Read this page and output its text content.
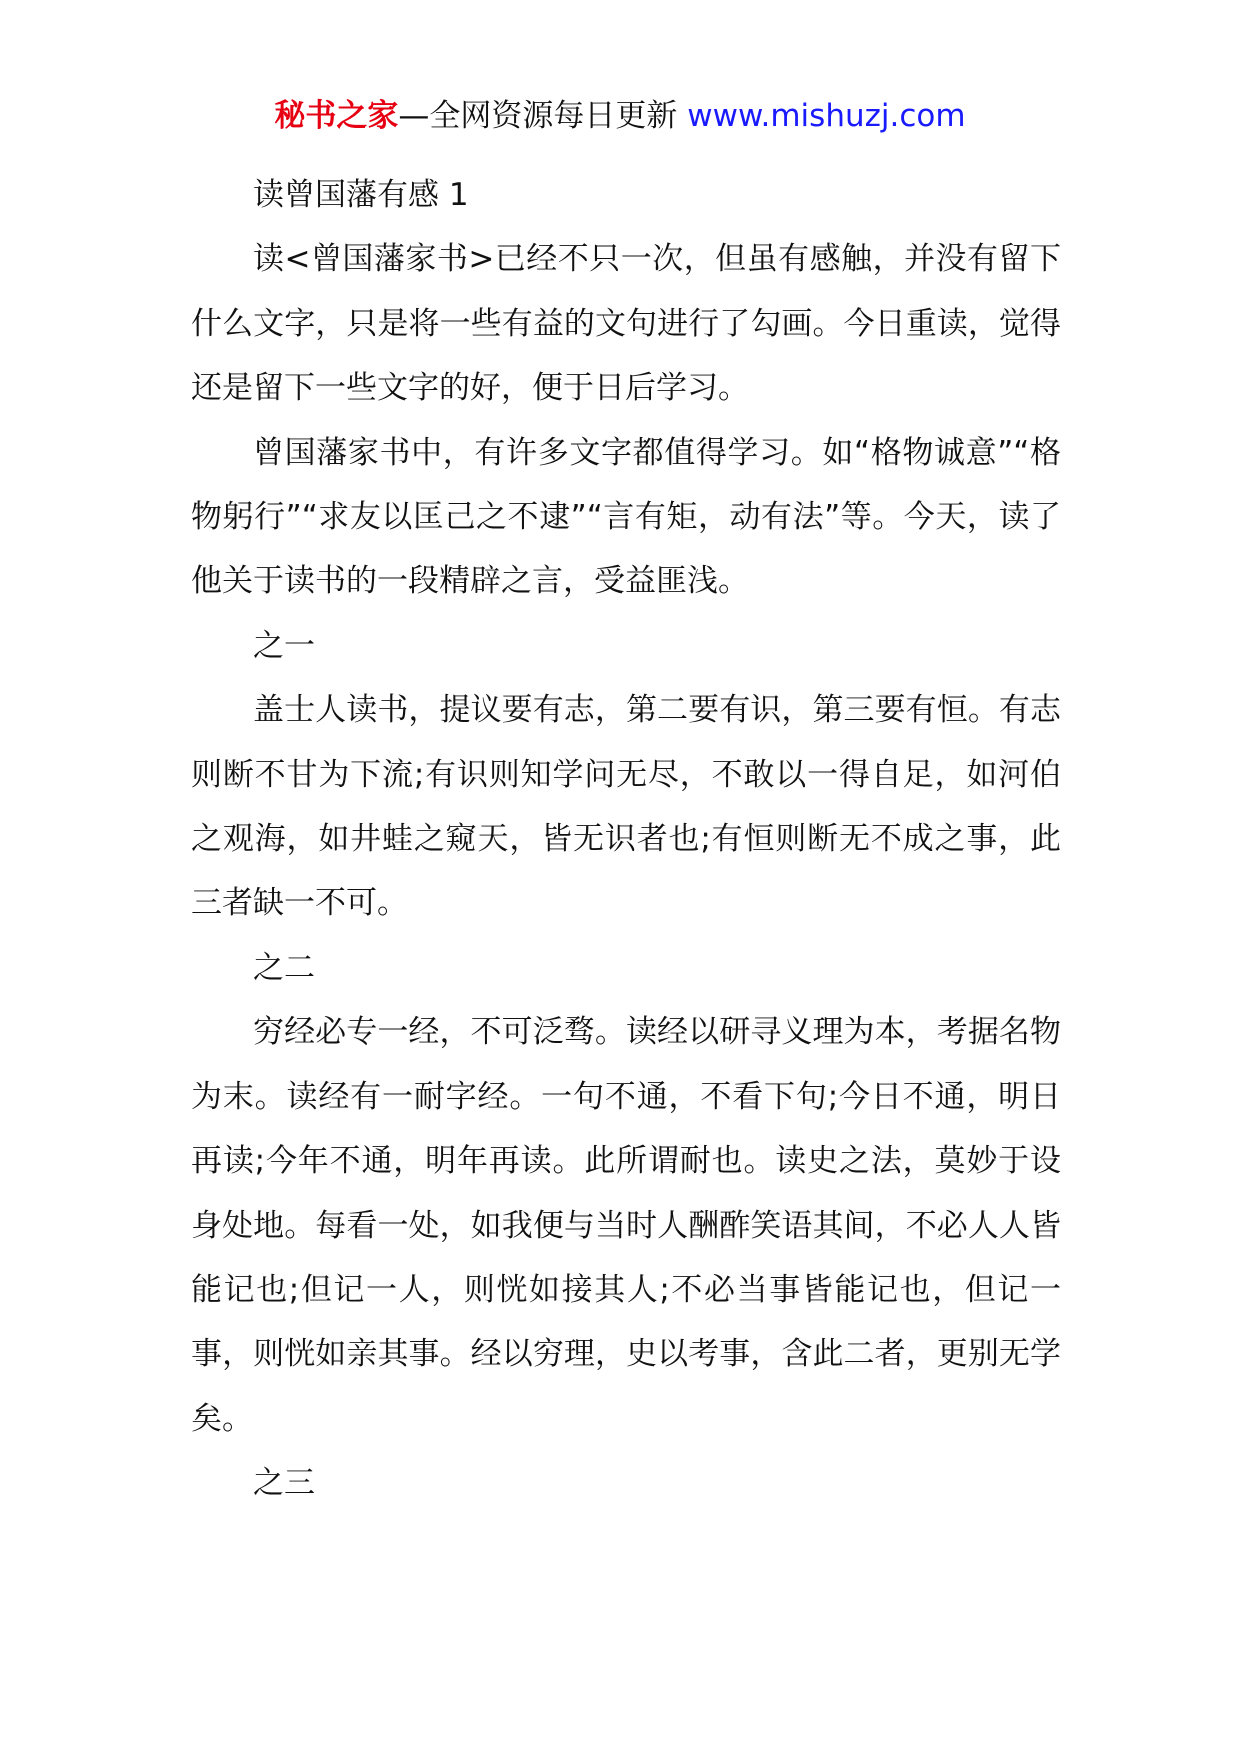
秘书之家—全网资源每日更新 www.mishuzj.com

读曾国藩有感 1

读<曾国藩家书>已经不只一次，但虽有感触，并没有留下什么文字，只是将一些有益的文句进行了勾画。今日重读，觉得还是留下一些文字的好，便于日后学习。

曾国藩家书中，有许多文字都值得学习。如“格物诚意”“格物躬行”“求友以匡己之不逮”“言有矩，动有法”等。今天，读了他关于读书的一段精辟之言，受益匪浅。

之一

盖士人读书，提议要有志，第二要有识，第三要有恒。有志则断不甘为下流;有识则知学问无尽，不敢以一得自足，如河伯之观海，如井蛙之窥天，皆无识者也;有恒则断无不成之事，此三者缺一不可。

之二

穷经必专一经，不可泛骛。读经以研寻义理为本，考据名物为末。读经有一耐字经。一句不通，不看下句;今日不通，明日再读;今年不通，明年再读。此所谓耐也。读史之法，莫妙于设身处地。每看一处，如我便与当时人酬酢笑语其间，不必人人皆能记也;但记一人，则恍如接其人;不必当事皆能记也，但记一事，则恍如亲其事。经以穷理，史以考事，含此二者，更别无学矣。

之三
